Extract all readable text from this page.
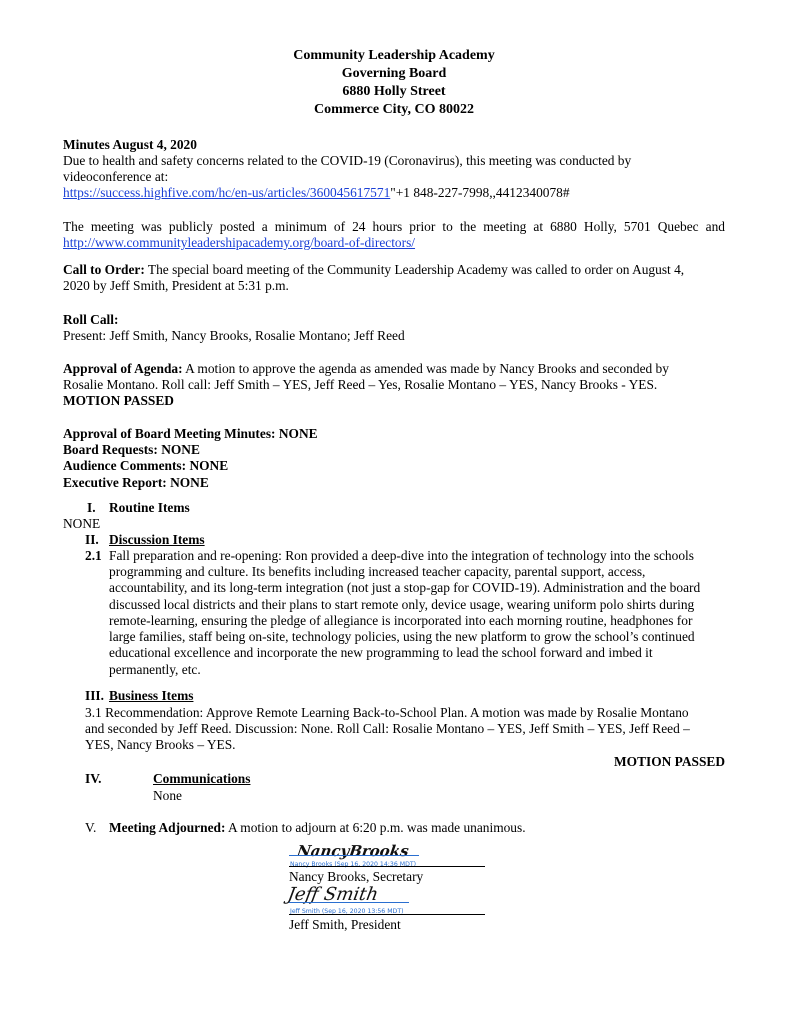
Community Leadership Academy
Governing Board
6880 Holly Street
Commerce City, CO 80022
Minutes August 4, 2020
Due to health and safety concerns related to the COVID-19 (Coronavirus), this meeting was conducted by
videoconference at:
https://success.highfive.com/hc/en-us/articles/360045617571"+1 848-227-7998,,4412340078#
The meeting was publicly posted a minimum of 24 hours prior to the meeting at 6880 Holly, 5701 Quebec and
http://www.communityleadershipacademy.org/board-of-directors/
Call to Order: The special board meeting of the Community Leadership Academy was called to order on August 4,
2020 by Jeff Smith, President at 5:31 p.m.
Roll Call:
Present: Jeff Smith, Nancy Brooks, Rosalie Montano; Jeff Reed
Approval of Agenda: A motion to approve the agenda as amended was made by Nancy Brooks and seconded by
Rosalie Montano. Roll call: Jeff Smith – YES, Jeff Reed – Yes, Rosalie Montano – YES, Nancy Brooks - YES.
MOTION PASSED
Approval of Board Meeting Minutes: NONE
Board Requests: NONE
Audience Comments: NONE
Executive Report: NONE
I. Routine Items
NONE
II. Discussion Items
2.1 Fall preparation and re-opening: Ron provided a deep-dive into the integration of technology into the schools
programming and culture. Its benefits including increased teacher capacity, parental support, access,
accountability, and its long-term integration (not just a stop-gap for COVID-19). Administration and the board
discussed local districts and their plans to start remote only, device usage, wearing uniform polo shirts during
remote-learning, ensuring the pledge of allegiance is incorporated into each morning routine, headphones for
large families, staff being on-site, technology policies, using the new platform to grow the school’s continued
educational excellence and incorporate the new programming to lead the school forward and imbed it
permanently, etc.
III. Business Items
3.1 Recommendation: Approve Remote Learning Back-to-School Plan. A motion was made by Rosalie Montano
and seconded by Jeff Reed. Discussion: None. Roll Call: Rosalie Montano – YES, Jeff Smith – YES, Jeff Reed –
YES, Nancy Brooks – YES.
MOTION PASSED
IV.	Communications
None
V. Meeting Adjourned: A motion to adjourn at 6:20 p.m. was made unanimous.
NancyBrooks
Nancy Brooks (Sep 16, 2020 14:36 MDT)
Nancy Brooks, Secretary
Jeff Smith
Jeff Smith (Sep 16, 2020 13:56 MDT)
Jeff Smith, President
